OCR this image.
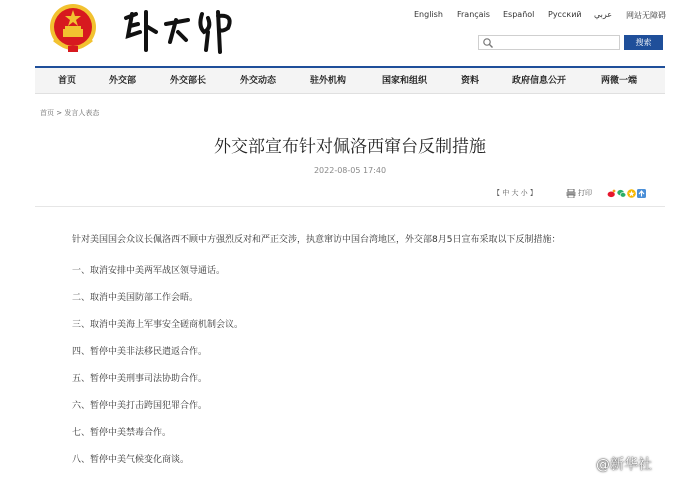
English Français Español Русский عربي 网站无障碍
搜索
首页	外交部	外交部长	外交动态	驻外机构	国家和组织	资料	政府信息公开	两微一端
首页 > 发言人表态
外交部宣布针对佩洛西窜台反制措施
2022-08-05 17:40
【 中 大 小 】	打印
针对美国国会众议长佩洛西不顾中方强烈反对和严正交涉，执意窜访中国台湾地区，外交部8月5日宣布采取以下反制措施：
一、取消安排中美两军战区领导通话。
二、取消中美国防部工作会晤。
三、取消中美海上军事安全磋商机制会议。
四、暂停中美非法移民遣返合作。
五、暂停中美刑事司法协助合作。
六、暂停中美打击跨国犯罪合作。
七、暂停中美禁毒合作。
八、暂停中美气候变化商谈。	@新华社
